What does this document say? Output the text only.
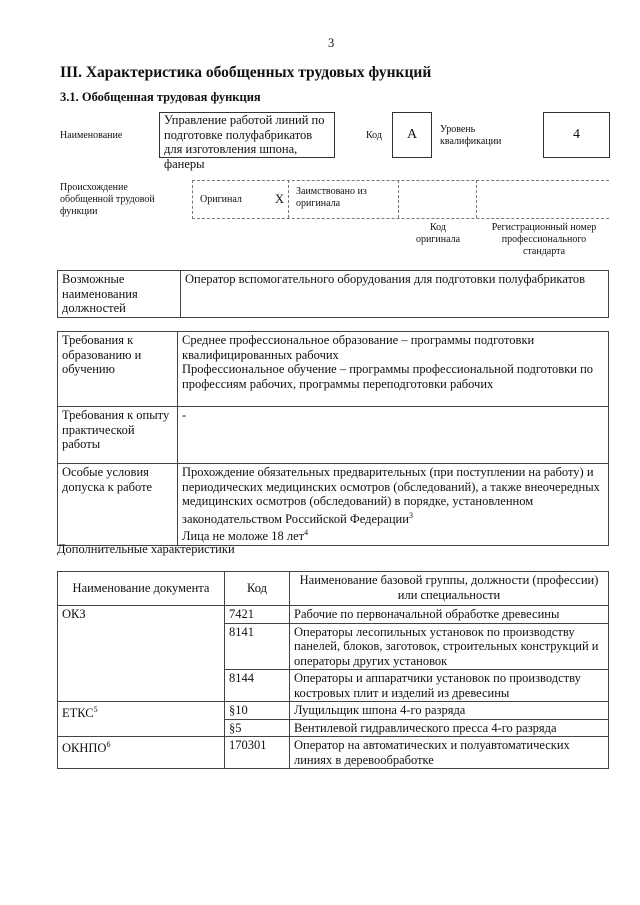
3
III. Характеристика обобщенных трудовых функций
3.1. Обобщенная трудовая функция
Наименование
Управление работой линий по подготовке полуфабрикатов для изготовления шпона, фанеры
Код	А	Уровень квалификации	4
Происхождение обобщенной трудовой функции
Оригинал	Х
Заимствовано из оригинала
Код оригинала
Регистрационный номер профессионального стандарта
Возможные наименования должностей	Оператор вспомогательного оборудования для подготовки полуфабрикатов
Требования к образованию и обучению	Среднее профессиональное образование – программы подготовки квалифицированных рабочих
Профессиональное обучение – программы профессиональной подготовки по профессиям рабочих, программы переподготовки рабочих

Требования к опыту практической работы	-
Особые условия допуска к работе	Прохождение обязательных предварительных (при поступлении на работу) и периодических медицинских осмотров (обследований), а также внеочередных медицинских осмотров (обследований) в порядке, установленном законодательством Российской Федерации$^3$
Лица не моложе 18 лет$^4$
Дополнительные характеристики
Наименование документа	Код	Наименование базовой группы, должности (профессии) или специальности
ОКЗ	7421	Рабочие по первоначальной обработке древесины
	8141	Операторы лесопильных установок по производству панелей, блоков, заготовок, строительных конструкций и операторы других установок
	8144	Операторы и аппаратчики установок по производству костровых плит и изделий из древесины
ЕТКС$^5$	§10	Лущильщик шпона 4-го разряда
	§5	Вентилевой гидравлического пресса 4-го разряда
ОКНПО$^6$	170301	Оператор на автоматических и полуавтоматических линиях в деревообработке
